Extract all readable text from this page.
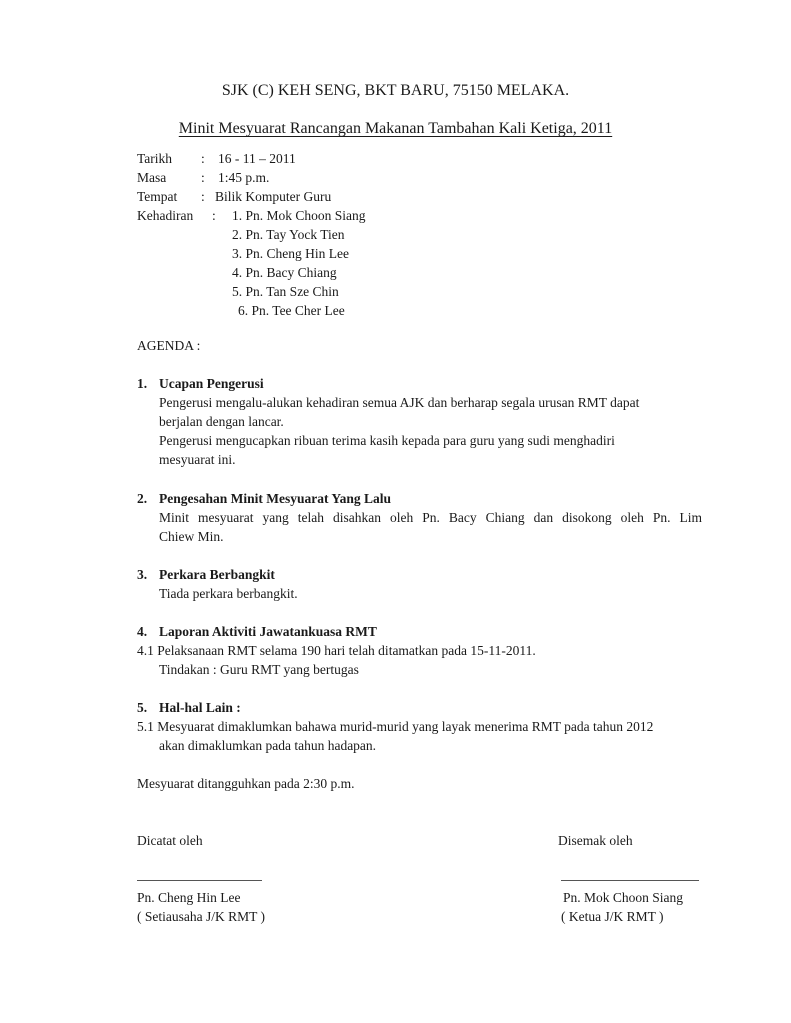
SJK (C) KEH SENG, BKT BARU, 75150 MELAKA.
Minit Mesyuarat Rancangan Makanan Tambahan Kali Ketiga, 2011
Tarikh : 16 - 11 – 2011
Masa	: 1:45 p.m.
Tempat : Bilik Komputer Guru
Kehadiran : 1. Pn. Mok Choon Siang
2. Pn. Tay Yock Tien
3. Pn. Cheng Hin Lee
4. Pn. Bacy Chiang
5. Pn. Tan Sze Chin
6. Pn. Tee Cher Lee
AGENDA :
1. Ucapan Pengerusi
Pengerusi mengalu-alukan kehadiran semua AJK dan berharap segala urusan RMT dapat
berjalan dengan lancar.
Pengerusi mengucapkan ribuan terima kasih kepada para guru yang sudi menghadiri
mesyuarat ini.
2. Pengesahan Minit Mesyuarat Yang Lalu
Minit mesyuarat yang telah disahkan oleh Pn. Bacy Chiang dan disokong oleh Pn. Lim
Chiew Min.
3. Perkara Berbangkit
Tiada perkara berbangkit.
4. Laporan Aktiviti Jawatankuasa RMT
4.1 Pelaksanaan RMT selama 190 hari telah ditamatkan pada 15-11-2011.
Tindakan : Guru RMT yang bertugas
5. Hal-hal Lain :
5.1 Mesyuarat dimaklumkan bahawa murid-murid yang layak menerima RMT pada tahun 2012
akan dimaklumkan pada tahun hadapan.
Mesyuarat ditangguhkan pada 2:30 p.m.
Dicatat oleh
Pn. Cheng Hin Lee
( Setiausaha J/K RMT )
Disemak oleh
Pn. Mok Choon Siang
( Ketua J/K RMT )
